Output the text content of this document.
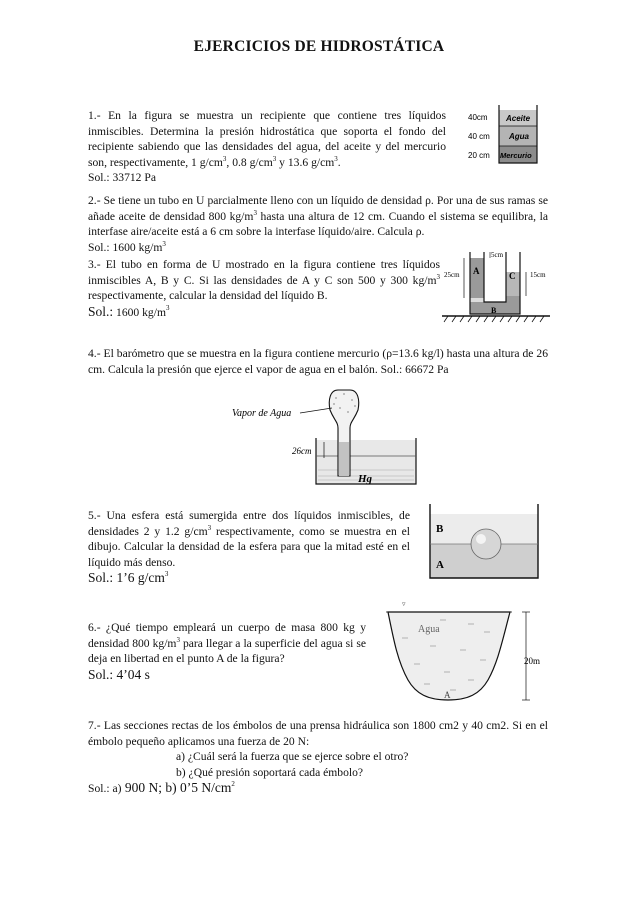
EJERCICIOS DE HIDROSTÁTICA
1.- En la figura se muestra un recipiente que contiene tres líquidos inmiscibles. Determina la presión hidrostática que soporta el fondo del recipiente sabiendo que las densidades del agua, del aceite y del mercurio son, respectivamente, 1 $g/cm^3$, 0.8 $g/cm^3$ y 13.6 $g/cm^3$.
Sol.: 33712 Pa
40cm
40 cm
20 cm
Aceite
Agua
Mercurio
2.- Se tiene un tubo en U parcialmente lleno con un líquido de densidad ρ. Por una de sus ramas se añade aceite de densidad 800 $kg/m^3$ hasta una altura de 12 cm. Cuando el sistema se equilibra, la interfase aire/aceite está a 6 cm sobre la interfase líquido/aire. Calcula ρ.
Sol.: 1600 $kg/m^3$
3.- El tubo en forma de U mostrado en la figura contiene tres líquidos inmiscibles A, B y C. Si las densidades de A y C son 500 y 300 $kg/m^3$ respectivamente, calcular la densidad del líquido B.
Sol.: 1600 $kg/m^3$
25cm
5cm
15cm
A	C
B
4.- El barómetro que se muestra en la figura contiene mercurio (ρ=13.6 kg/l) hasta una altura de 26 cm. Calcula la presión que ejerce el vapor de agua en el balón. Sol.: 66672 Pa
Vapor de Agua
26cm
Hg
5.- Una esfera está sumergida entre dos líquidos inmiscibles, de densidades 2 y 1.2 $g/cm^3$ respectivamente, como se muestra en el dibujo. Calcular la densidad de la esfera para que la mitad esté en el líquido más denso.
Sol.: 1’6 $g/cm^3$
B
A
6.- ¿Qué tiempo empleará un cuerpo de masa 800 kg y densidad 800 $kg/m^3$ para llegar a la superficie del agua si se deja en libertad en el punto A de la figura?
Sol.: 4’04 s
▿
Agua
20m
A
7.- Las secciones rectas de los émbolos de una prensa hidráulica son 1800 cm2 y 40 cm2. Si en el émbolo pequeño aplicamos una fuerza de 20 N:
a) ¿Cuál será la fuerza que se ejerce sobre el otro?
b) ¿Qué presión soportará cada émbolo?
Sol.: a) 900 N; b) 0’5 $N/cm^2$
